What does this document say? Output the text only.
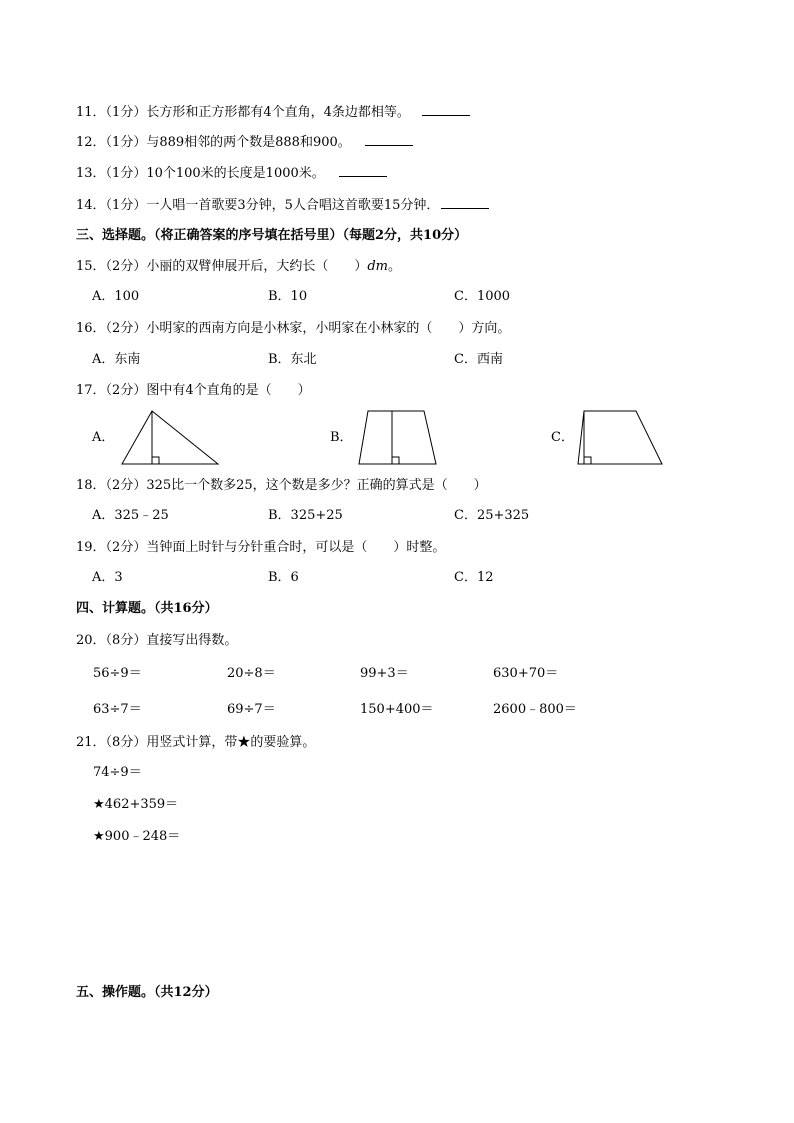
11．（1分）长方形和正方形都有4个直角，4条边都相等。
12．（1分）与889相邻的两个数是888和900。
13．（1分）10个100米的长度是1000米。
14．（1分）一人唱一首歌要3分钟，5人合唱这首歌要15分钟．
三、选择题。（将正确答案的序号填在括号里）（每题2分，共10分）
15．（2分）小丽的双臂伸展开后，大约长（　　）dm。
A．100	B．10	C．1000
16．（2分）小明家的西南方向是小林家，小明家在小林家的（　　）方向。
A．东南	B．东北	C．西南
17．（2分）图中有4个直角的是（　　）
A．	B．	C．
18．（2分）325比一个数多25，这个数是多少？正确的算式是（　　）
A．325﹣25	B．325+25	C．25+325
19．（2分）当钟面上时针与分针重合时，可以是（　　）时整。
A．3	B．6	C．12
四、计算题。（共16分）
20．（8分）直接写出得数。
56÷9＝	20÷8＝	99+3＝	630+70＝
63÷7＝	69÷7＝	150+400＝	2600﹣800＝
21．（8分）用竖式计算，带★的要验算。
74÷9＝
★462+359＝
★900﹣248＝
五、操作题。（共12分）
